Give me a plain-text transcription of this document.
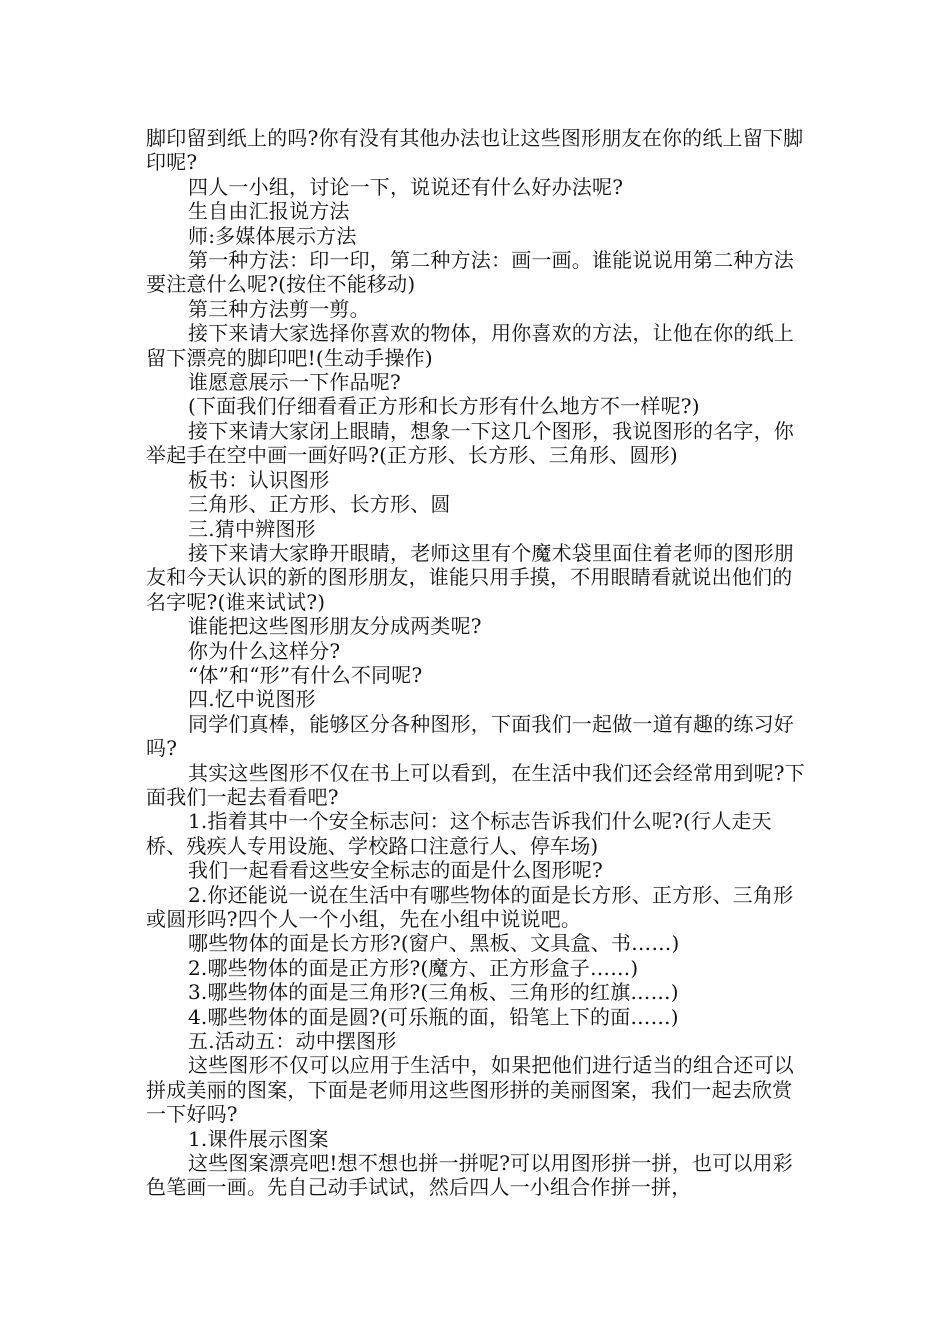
脚印留到纸上的吗?你有没有其他办法也让这些图形朋友在你的纸上留下脚印呢?

四人一小组，讨论一下，说说还有什么好办法呢?

生自由汇报说方法

师:多媒体展示方法

第一种方法：印一印，第二种方法：画一画。谁能说说用第二种方法要注意什么呢?(按住不能移动)

第三种方法剪一剪。

接下来请大家选择你喜欢的物体，用你喜欢的方法，让他在你的纸上留下漂亮的脚印吧!(生动手操作)

谁愿意展示一下作品呢?

(下面我们仔细看看正方形和长方形有什么地方不一样呢?)

接下来请大家闭上眼睛，想象一下这几个图形，我说图形的名字，你举起手在空中画一画好吗?(正方形、长方形、三角形、圆形)

板书：认识图形

三角形、正方形、长方形、圆

三.猜中辨图形

接下来请大家睁开眼睛，老师这里有个魔术袋里面住着老师的图形朋友和今天认识的新的图形朋友，谁能只用手摸，不用眼睛看就说出他们的名字呢?(谁来试试?)

谁能把这些图形朋友分成两类呢?

你为什么这样分?

“体”和“形”有什么不同呢?

四.忆中说图形

同学们真棒，能够区分各种图形，下面我们一起做一道有趣的练习好吗?

其实这些图形不仅在书上可以看到，在生活中我们还会经常用到呢?下面我们一起去看看吧?

1.指着其中一个安全标志问：这个标志告诉我们什么呢?(行人走天桥、残疾人专用设施、学校路口注意行人、停车场)

我们一起看看这些安全标志的面是什么图形呢?

2.你还能说一说在生活中有哪些物体的面是长方形、正方形、三角形或圆形吗?四个人一个小组，先在小组中说说吧。

哪些物体的面是长方形?(窗户、黑板、文具盒、书……)

2.哪些物体的面是正方形?(魔方、正方形盒子……)

3.哪些物体的面是三角形?(三角板、三角形的红旗……)

4.哪些物体的面是圆?(可乐瓶的面，铅笔上下的面……)

五.活动五：动中摆图形

这些图形不仅可以应用于生活中，如果把他们进行适当的组合还可以拼成美丽的图案，下面是老师用这些图形拼的美丽图案，我们一起去欣赏一下好吗?

1.课件展示图案

这些图案漂亮吧!想不想也拼一拼呢?可以用图形拼一拼，也可以用彩色笔画一画。先自己动手试试，然后四人一小组合作拼一拼，
